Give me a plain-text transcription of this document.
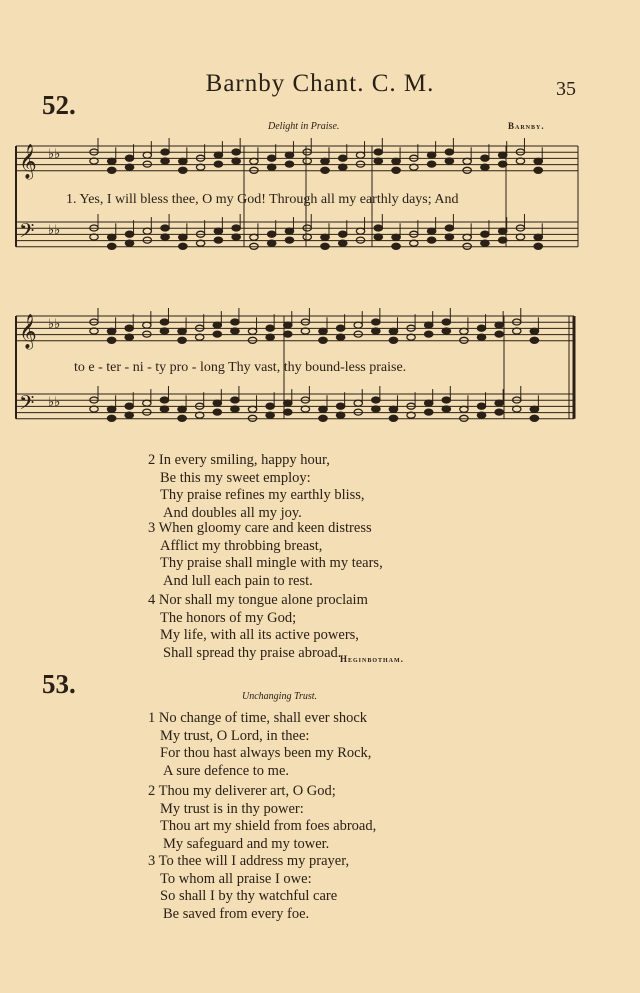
Barnby Chant. C. M.	35
52.
Delight in Praise.	Barnby.
𝄞 ♭♭
𝄢 ♭♭
𝄞 ♭♭
𝄢 ♭♭
1. Yes, I will bless thee, O my God! Through all my earthly days; And
to e - ter - ni - ty pro - long Thy vast, thy bound-less praise.
2 In every smiling, happy hour,
Be this my sweet employ:
Thy praise refines my earthly bliss,
And doubles all my joy.
3 When gloomy care and keen distress
Afflict my throbbing breast,
Thy praise shall mingle with my tears,
And lull each pain to rest.
4 Nor shall my tongue alone proclaim
The honors of my God;
My life, with all its active powers,
Shall spread thy praise abroad.
Heginbotham.
53.	Unchanging Trust.
1 No change of time, shall ever shock
My trust, O Lord, in thee:
For thou hast always been my Rock,
A sure defence to me.
2 Thou my deliverer art, O God;
My trust is in thy power:
Thou art my shield from foes abroad,
My safeguard and my tower.
3 To thee will I address my prayer,
To whom all praise I owe:
So shall I by thy watchful care
Be saved from every foe.
